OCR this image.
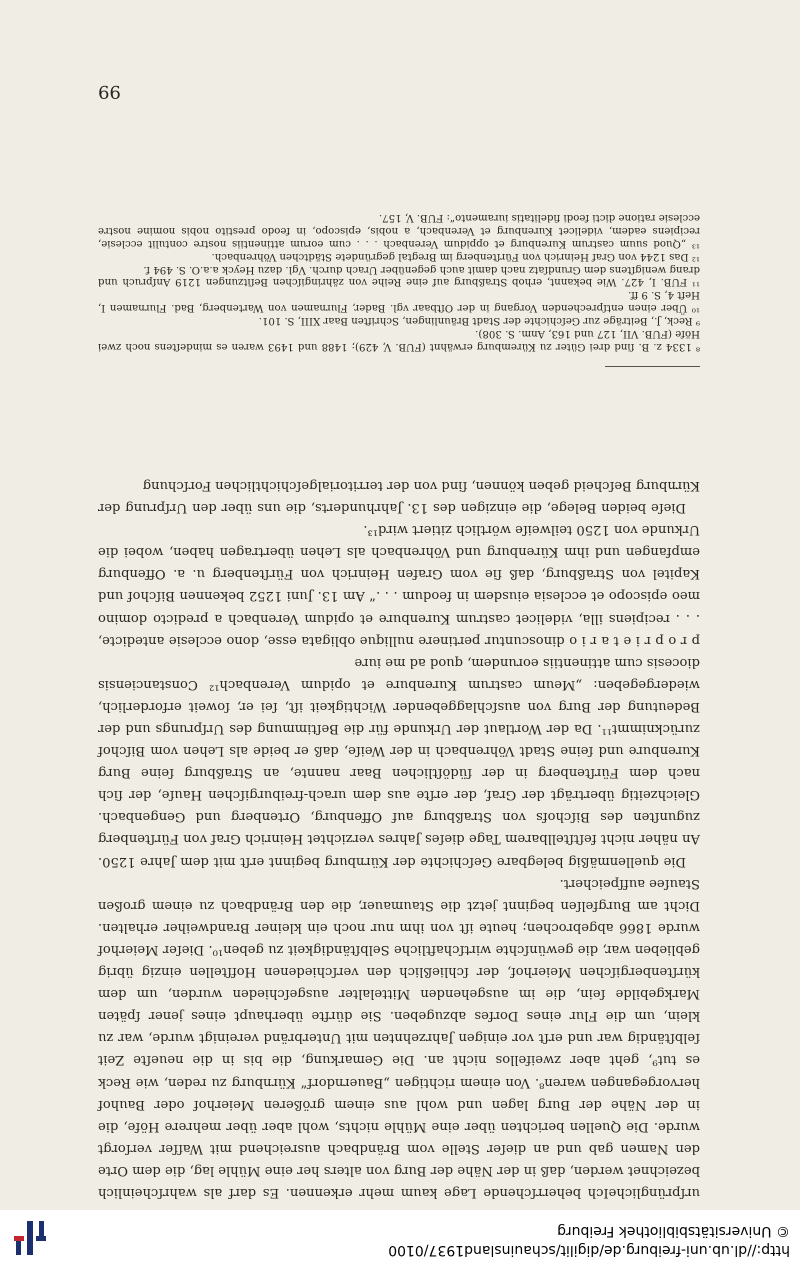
http://dl.ub.uni-freiburg.de/digilit/schauinsland1937/0100
© Universitätsbibliothek Freiburg

urſprünglicheIch beherrſchende Lage kaum mehr erkennen. Es darf als wahrſcheinlich bezeichnet werden, daß in der Nähe der Burg von alters her eine Mühle lag, die dem Orte den Namen gab und an dieſer Stelle vom Brändbach ausreichend mit Waſſer verſorgt wurde. Die Quellen berichten über eine Mühle nichts, wohl aber über mehrere Höfe, die in der Nähe der Burg lagen und wohl aus einem größeren Meierhof oder Bauhof hervorgegangen waren⁸. Von einem richtigen „Bauerndorf“ Kürnburg zu reden, wie Reck es tut⁹, geht aber zweifellos nicht an. Die Gemarkung, die bis in die neueſte Zeit ſelbſtändig war und erſt vor einigen Jahrzehnten mit Unterbränd vereinigt wurde, war zu klein, um die Flur eines Dorfes abzugeben. Sie dürfte überhaupt eines jener ſpäten Markgebilde ſein, die im ausgehenden Mittelalter ausgeſchieden wurden, um dem kürſtenbergiſchen Meierhof, der ſchließlich den verſchiedenen Hofſtellen einzig übrig geblieben war, die gewünſchte wirtſchaftliche Selbſtändigkeit zu geben¹⁰. Dieſer Meierhof wurde 1866 abgebrochen; heute iſt von ihm nur noch ein kleiner Brandweiher erhalten. Dicht am Burgfelſen beginnt jetzt die Staumauer, die den Brändbach zu einem großen Stauſee aufſpeichert.

Die quellenmäßig belegbare Geſchichte der Kürnburg beginnt erſt mit dem Jahre 1250. An näher nicht feſtſtellbarem Tage dieſes Jahres verzichtet Heinrich Graf von Fürſtenberg zugunſten des Biſchofs von Straßburg auf Offenburg, Ortenberg und Gengenbach. Gleichzeitig überträgt der Graf, der erſte aus dem urach-freiburgiſchen Hauſe, der ſich nach dem Fürſtenberg in der ſüdöſtlichen Baar nannte, an Straßburg ſeine Burg Kurenbure und ſeine Stadt Vöhrenbach in der Weiſe, daß er beide als Lehen vom Biſchof zurücknimmt¹¹. Da der Wortlaut der Urkunde für die Beſtimmung des Urſprungs und der Bedeutung der Burg von ausſchlaggebender Wichtigkeit iſt, ſei er, ſoweit erforderlich, wiedergegeben: „Meum castrum Kurenbure et opidum Verenbach¹² Constanciensis diocesis cum attinentiis eorundem, quod ad me iure

p r o p r i e t a r i o dinoscuntur pertinere nullique obligata esse, dono ecclesie antedicte, . . . recipiens illa, videlicet castrum Kurenbure et opidum Verenbach a predicto domino meo episcopo et ecclesia eiusdem in feodum . . .“ Am 13. Juni 1252 bekennen Biſchof und Kapitel von Straßburg, daß ſie vom Grafen Heinrich von Fürſtenberg u. a. Offenburg empfangen und ihm Kürenburg und Vöhrenbach als Lehen übertragen haben, wobei die Urkunde von 1250 teilweiſe wörtlich zitiert wird¹³.

Dieſe beiden Belege, die einzigen des 13. Jahrhunderts, die uns über den Urſprung der Kürnburg Beſcheid geben können, ſind von der territorialgeſchichtlichen Forſchung

⁸ 1334 z. B. ſind drei Güter zu Küremburg erwähnt (FUB. V, 429); 1488 und 1493 waren es mindeſtens noch zwei Höfe (FUB. VII, 127 und 163, Anm. S. 308).

⁹ Reck, J., Beiträge zur Geſchichte der Stadt Bräunlingen, Schriften Baar XIII, S. 101.

¹⁰ Über einen entſprechenden Vorgang in der Oſtbaar vgl. Bader, Flurnamen von Wartenberg, Bad. Flurnamen I, Heft 4, S. 9 ff.

¹¹ FUB. I, 427. Wie bekannt, erhob Straßburg auf eine Reihe von zähringiſchen Beſitzungen 1219 Anſpruch und drang wenigſtens dem Grundſatz nach damit auch gegenüber Urach durch. Vgl. dazu Heyck a.a.O. S. 494 f.

¹² Das 1244 von Graf Heinrich von Fürſtenberg im Bregtal gegründete Städtchen Vöhrenbach.

¹³ „Quod suum castrum Kurenburg et oppidum Verenbach . . . cum eorum attinentiis nostre contulit ecclesie, recipiens eadem, videlicet Kurenburg et Verenbach, a nobis, episcopo, in feodo prestito nobis nomine nostre ecclesie ratione dicti feodi fidelitatis iuramento“: FUB. V, 157.

99
